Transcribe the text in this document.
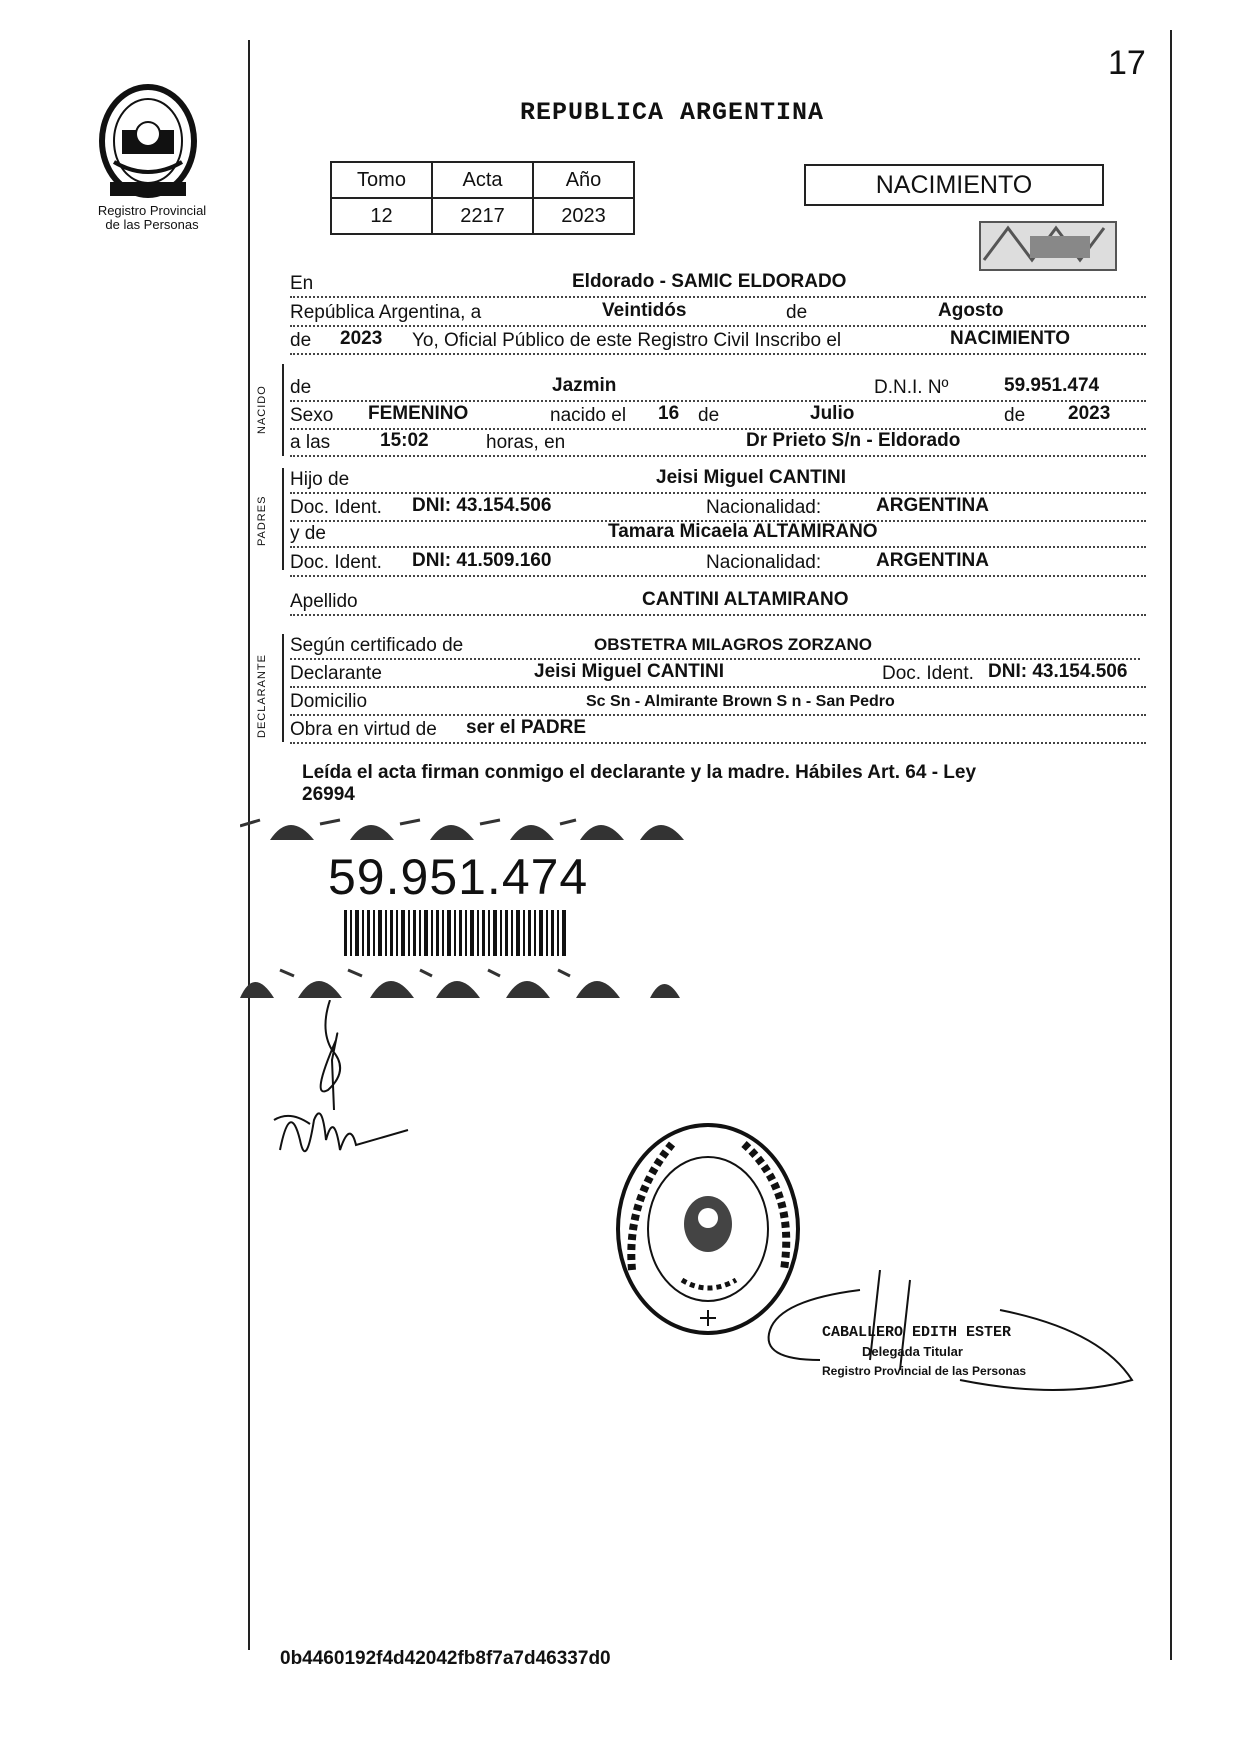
17
Registro Provincial
de las Personas
REPUBLICA ARGENTINA
Tomo	Acta	Año
12	2217	2023
NACIMIENTO
En	Eldorado - SAMIC ELDORADO
República Argentina, a	Veintidós	de	Agosto
de 2023 Yo, Oficial Público de este Registro Civil Inscribo el	NACIMIENTO
NACIDO de	Jazmin	D.N.I. Nº	59.951.474
Sexo FEMENINO	nacido el 16 de	Julio	de 2023
a las	15:02	horas, en	Dr Prieto S/n - Eldorado
PADRES
Hijo de	Jeisi Miguel CANTINI
Doc. Ident. DNI: 43.154.506	Nacionalidad:	ARGENTINA
y de	Tamara Micaela ALTAMIRANO
Doc. Ident. DNI: 41.509.160	Nacionalidad:	ARGENTINA
Apellido	CANTINI ALTAMIRANO
DECLARANTE
Según certificado de	OBSTETRA MILAGROS ZORZANO
Declarante	Jeisi Miguel CANTINI	Doc. Ident. DNI: 43.154.506
Domicilio	Sc Sn - Almirante Brown S n - San Pedro
Obra en virtud de ser el PADRE
Leída el acta firman conmigo el declarante y la madre. Hábiles Art. 64 - Ley
26994
59.951.474
CABALLERO EDITH ESTER
Delegada Titular
Registro Provincial de las Personas
0b4460192f4d42042fb8f7a7d46337d0
